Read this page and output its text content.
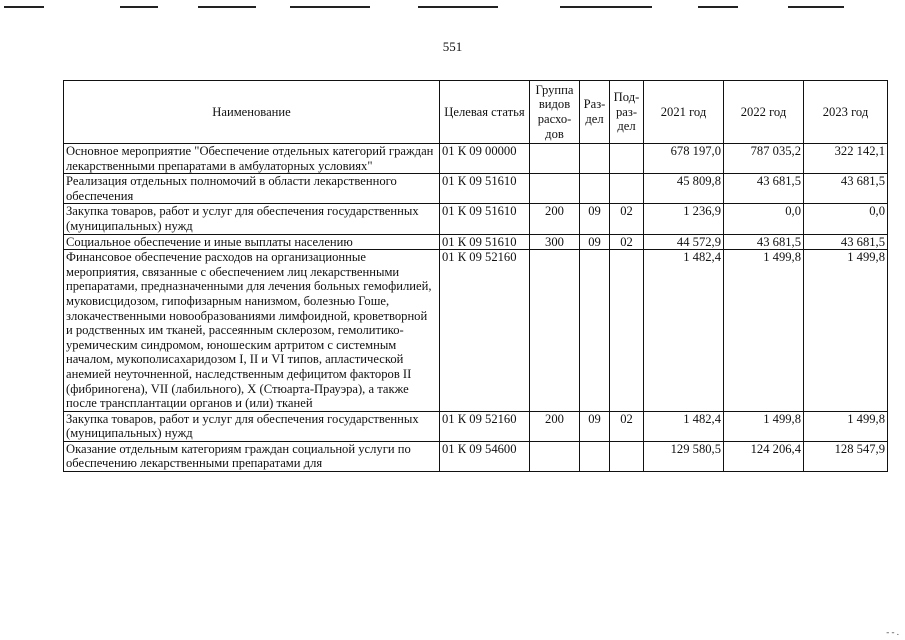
551
Наименование	Целевая статья	Группа видов расхо-дов	Раз-дел	Под-раз-дел	2021 год	2022 год	2023 год
Основное мероприятие "Обеспечение отдельных категорий граждан лекарственными препаратами в амбулаторных условиях"	01 К 09 00000				678 197,0	787 035,2	322 142,1
Реализация отдельных полномочий в области лекарственного обеспечения	01 К 09 51610				45 809,8	43 681,5	43 681,5
Закупка товаров, работ и услуг для обеспечения государственных (муниципальных) нужд	01 К 09 51610	200	09	02	1 236,9	0,0	0,0
Социальное обеспечение и иные выплаты населению	01 К 09 51610	300	09	02	44 572,9	43 681,5	43 681,5
Финансовое обеспечение расходов на организационные мероприятия, связанные с обеспечением лиц лекарственными препаратами, предназначенными для лечения больных гемофилией, муковисцидозом, гипофизарным нанизмом, болезнью Гоше, злокачественными новообразованиями лимфоидной, кроветворной и родственных им тканей, рассеянным склерозом, гемолитико-уремическим синдромом, юношеским артритом с системным началом, мукополисахаридозом I, II и VI типов, апластической анемией неуточненной, наследственным дефицитом факторов II (фибриногена), VII (лабильного), X (Стюарта-Прауэра), а также после трансплантации органов и (или) тканей	01 К 09 52160				1 482,4	1 499,8	1 499,8
Закупка товаров, работ и услуг для обеспечения государственных (муниципальных) нужд	01 К 09 52160	200	09	02	1 482,4	1 499,8	1 499,8
Оказание отдельным категориям граждан социальной услуги по обеспечению лекарственными препаратами для	01 К 09 54600				129 580,5	124 206,4	128 547,9
- - .
